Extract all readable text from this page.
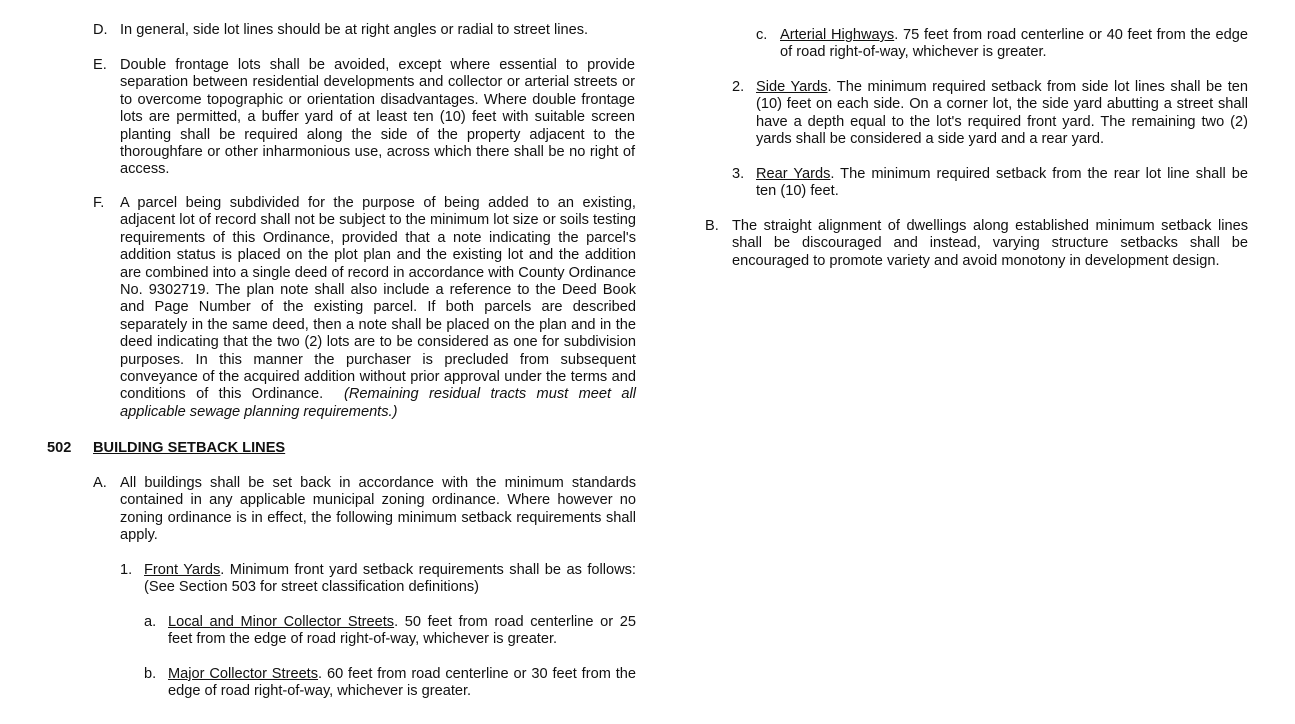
D. In general, side lot lines should be at right angles or radial to street lines.
E. Double frontage lots shall be avoided, except where essential to provide separation between residential developments and collector or arterial streets or to overcome topographic or orientation disadvantages. Where double frontage lots are permitted, a buffer yard of at least ten (10) feet with suitable screen planting shall be required along the side of the property adjacent to the thoroughfare or other inharmonious use, across which there shall be no right of access.
F. A parcel being subdivided for the purpose of being added to an existing, adjacent lot of record shall not be subject to the minimum lot size or soils testing requirements of this Ordinance, provided that a note indicating the parcel's addition status is placed on the plot plan and the existing lot and the addition are combined into a single deed of record in accordance with County Ordinance No. 9302719. The plan note shall also include a reference to the Deed Book and Page Number of the existing parcel. If both parcels are described separately in the same deed, then a note shall be placed on the plan and in the deed indicating that the two (2) lots are to be considered as one for subdivision purposes. In this manner the purchaser is precluded from subsequent conveyance of the acquired addition without prior approval under the terms and conditions of this Ordinance. (Remaining residual tracts must meet all applicable sewage planning requirements.)
502 BUILDING SETBACK LINES
A. All buildings shall be set back in accordance with the minimum standards contained in any applicable municipal zoning ordinance. Where however no zoning ordinance is in effect, the following minimum setback requirements shall apply.
1. Front Yards. Minimum front yard setback requirements shall be as follows: (See Section 503 for street classification definitions)
a. Local and Minor Collector Streets. 50 feet from road centerline or 25 feet from the edge of road right-of-way, whichever is greater.
b. Major Collector Streets. 60 feet from road centerline or 30 feet from the edge of road right-of-way, whichever is greater.
c. Arterial Highways. 75 feet from road centerline or 40 feet from the edge of road right-of-way, whichever is greater.
2. Side Yards. The minimum required setback from side lot lines shall be ten (10) feet on each side. On a corner lot, the side yard abutting a street shall have a depth equal to the lot's required front yard. The remaining two (2) yards shall be considered a side yard and a rear yard.
3. Rear Yards. The minimum required setback from the rear lot line shall be ten (10) feet.
B. The straight alignment of dwellings along established minimum setback lines shall be discouraged and instead, varying structure setbacks shall be encouraged to promote variety and avoid monotony in development design.
